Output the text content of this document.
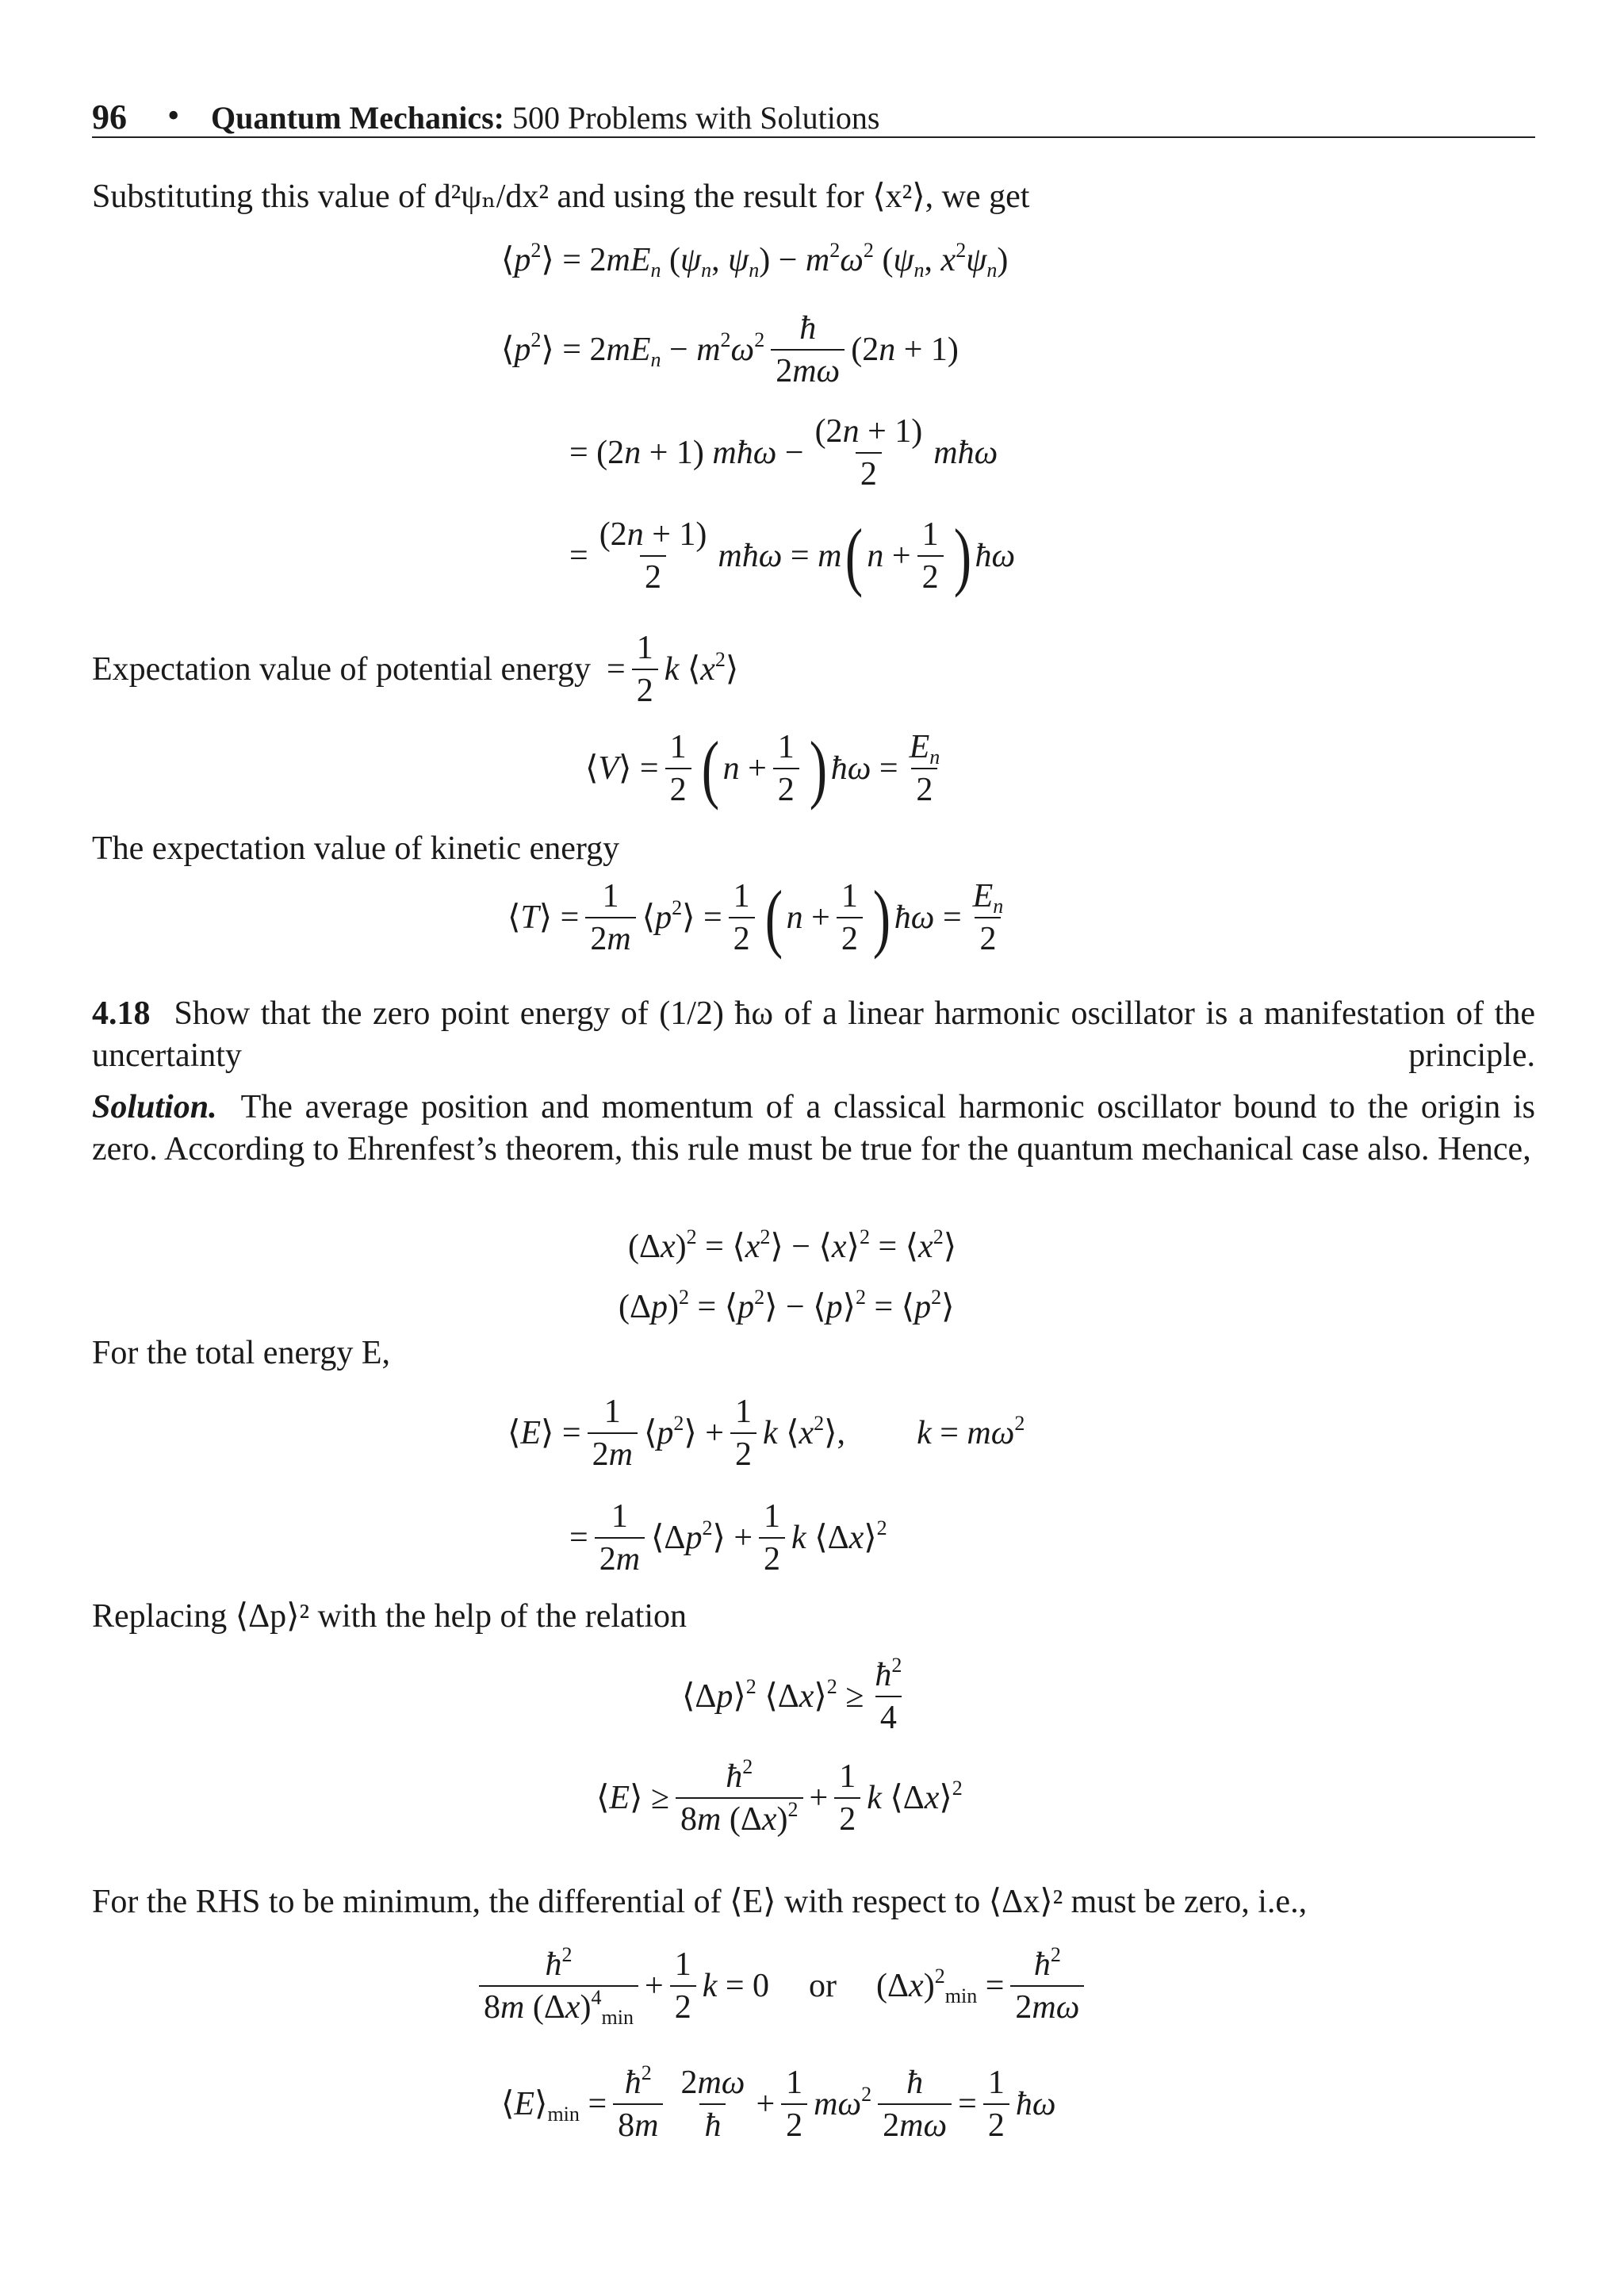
96 • Quantum Mechanics: 500 Problems with Solutions
Substituting this value of d²ψₙ/dx² and using the result for ⟨x²⟩, we get
$⟨p^2⟩ = 2mE_n$ ($\psi_n$, $\psi_n) - m^2\omega^2$ ($\psi_n$, $x^2\psi_n$)
$⟨p^2⟩ = 2mE_n - m^2\omega^2 \frac{ħ}{2m\omega} (2n + 1)$
= (2n + 1) mħω − $\frac{(2n + 1)}{2}$ mħω
= $\frac{(2n + 1)}{2}$ mħω = m ( $n + \frac{1}{2}$ ) ħω
Expectation value of potential energy = $\frac{1}{2}$ k $⟨x^2⟩$
⟨V⟩ = $\frac{1}{2}$ ( $n + \frac{1}{2}$ ) ħω = $\frac{E_n}{2}$
The expectation value of kinetic energy
⟨T⟩ = $\frac{1}{2m}$ $⟨p^2⟩ = \frac{1}{2}$ ( $n + \frac{1}{2}$ ) ħω = $\frac{E_n}{2}$
4.18 Show that the zero point energy of (1/2) ħω of a linear harmonic oscillator is a manifestation of the uncertainty principle.
Solution. The average position and momentum of a classical harmonic oscillator bound to the origin is zero. According to Ehrenfest’s theorem, this rule must be true for the quantum mechanical case also. Hence,
$(\Delta x)^2$ = $⟨x^2⟩$ − ⟨x⟩$^2$ = $⟨x^2⟩$
$(\Delta p)^2$ = $⟨p^2⟩$ − ⟨p⟩$^2$ = $⟨p^2⟩$
For the total energy E,
⟨E⟩ = $\frac{1}{2m}$ $⟨p^2⟩ + \frac{1}{2}$ k $⟨x^2⟩$, $k = m\omega^2$
= $\frac{1}{2m}$ $⟨\Delta p^2⟩ + \frac{1}{2}$ k ⟨Δx⟩$^2$
Replacing ⟨Δp⟩² with the help of the relation
⟨Δp⟩$^2$ ⟨Δx⟩$^2$ ≥ $\frac{ħ^2}{4}$
⟨E⟩ ≥ $\frac{ħ^2}{8m (\Delta x)^2} + \frac{1}{2}$ k ⟨Δx⟩$^2$
For the RHS to be minimum, the differential of ⟨E⟩ with respect to ⟨Δx⟩² must be zero, i.e.,
$\frac{ħ^2}{8m (\Delta x)^4_{min}} + \frac{1}{2}$ k = 0 or $(\Delta x)^2_{min} = \frac{ħ^2}{2m\omega}$
$⟨E⟩_{min} = \frac{ħ^2}{8m} \frac{2m\omega}{ħ} + \frac{1}{2} m\omega^2 \frac{ħ}{2m\omega} = \frac{1}{2}$ ħω
